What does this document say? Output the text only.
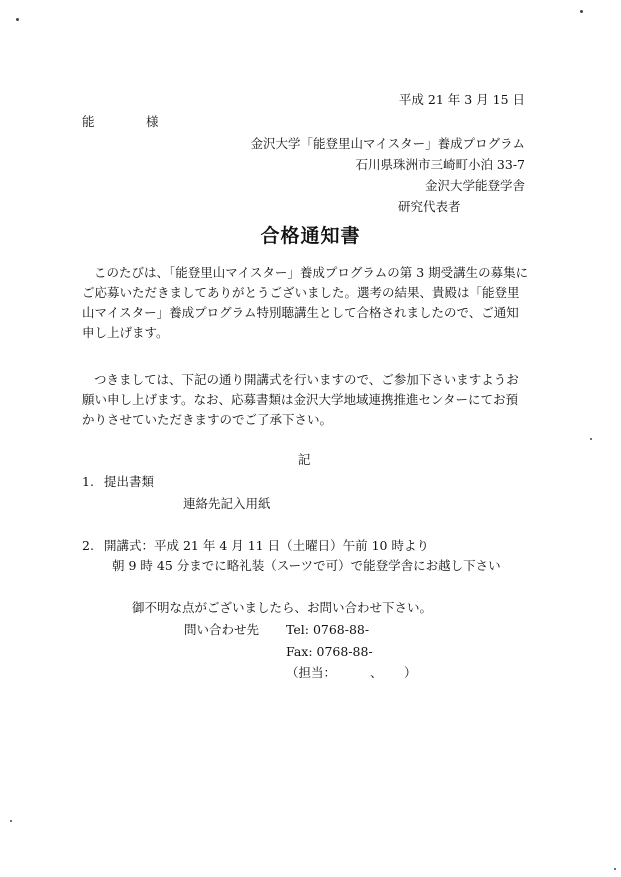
平成 21 年 3 月 15 日
能	様
金沢大学「能登里山マイスター」養成プログラム
石川県珠洲市三崎町小泊 33-7
金沢大学能登学舎
研究代表者
合格通知書
このたびは、「能登里山マイスター」養成プログラムの第 3 期受講生の募集に
ご応募いただきましてありがとうございました。選考の結果、貴殿は「能登里
山マイスター」養成プログラム特別聴講生として合格されましたので、ご通知
申し上げます。
つきましては、下記の通り開講式を行いますので、ご参加下さいますようお
願い申し上げます。なお、応募書類は金沢大学地域連携推進センターにてお預
かりさせていただきますのでご了承下さい。
記
1. 提出書類
連絡先記入用紙
2. 開講式：平成 21 年 4 月 11 日（土曜日）午前 10 時より
朝 9 時 45 分までに略礼装（スーツで可）で能登学舎にお越し下さい
御不明な点がございましたら、お問い合わせ下さい。
問い合わせ先 Tel: 0768-88-
Fax: 0768-88-
（担当：	、 ）
